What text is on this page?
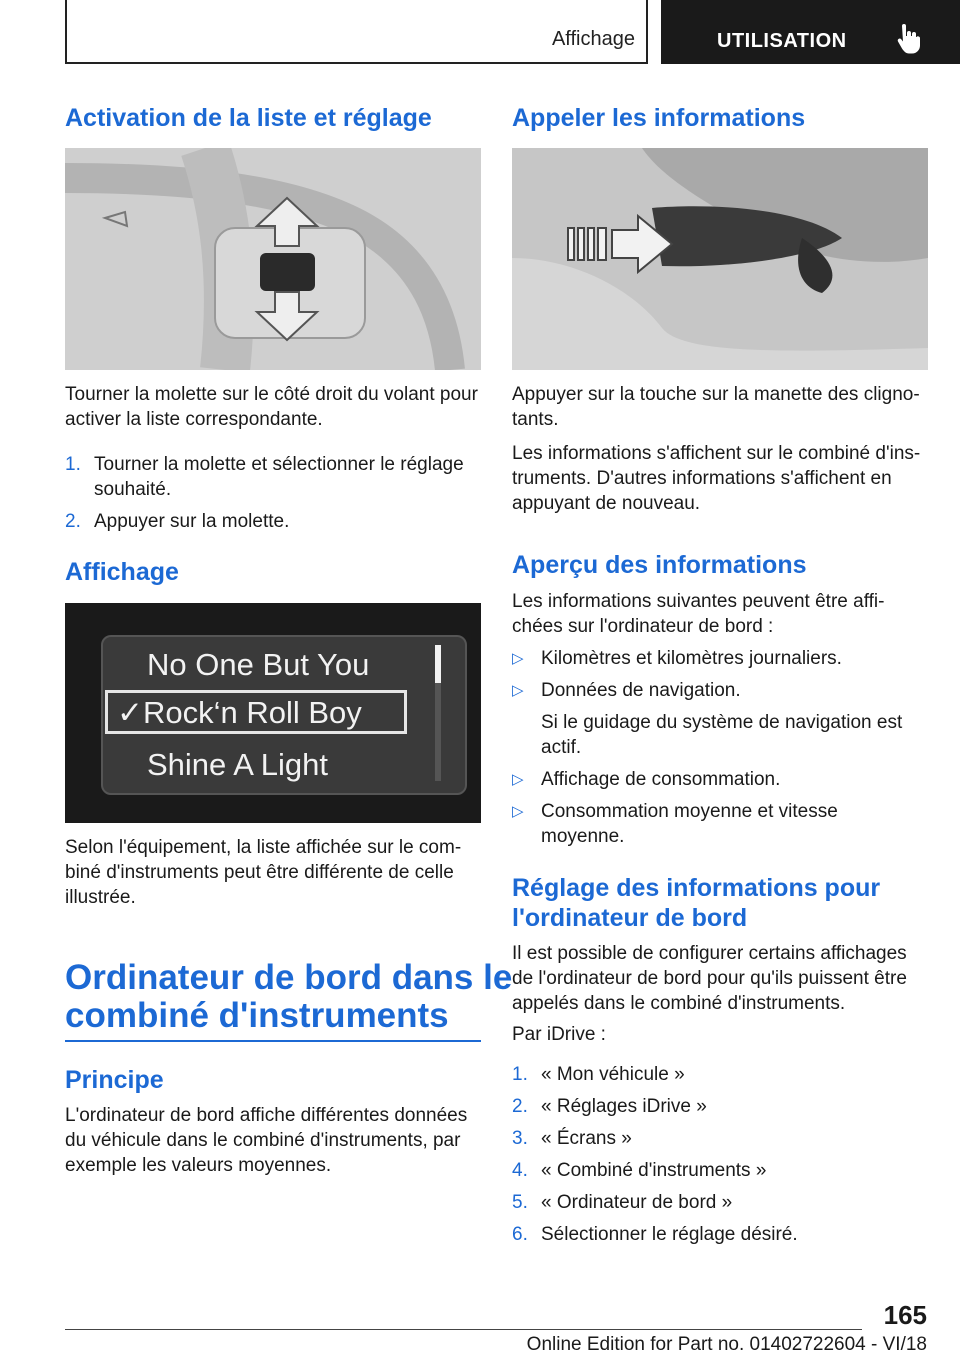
Affichage	UTILISATION
Activation de la liste et réglage
Tourner la molette sur le côté droit du volant pour activer la liste correspondante.
1. Tourner la molette et sélectionner le réglage
souhaité.
2. Appuyer sur la molette.
Affichage
No One But You
✓Rock‘n Roll Boy
Shine A Light
Selon l'équipement, la liste affichée sur le combiné d'instruments peut être différente de celle illustrée.
Ordinateur de bord dans le
combiné d'instruments
Principe
L'ordinateur de bord affiche différentes données du véhicule dans le combiné d'instruments, par exemple les valeurs moyennes.
Appeler les informations
Appuyer sur la touche sur la manette des clignotants.
Les informations s'affichent sur le combiné d'instruments. D'autres informations s'affichent en appuyant de nouveau.
Aperçu des informations
Les informations suivantes peuvent être affichées sur l'ordinateur de bord :
▷ Kilomètres et kilomètres journaliers.
▷ Données de navigation.
Si le guidage du système de navigation est
actif.
▷ Affichage de consommation.
▷ Consommation moyenne et vitesse
moyenne.
Réglage des informations pour
l'ordinateur de bord
Il est possible de configurer certains affichages de l'ordinateur de bord pour qu'ils puissent être appelés dans le combiné d'instruments.
Par iDrive :
1. « Mon véhicule »
2. « Réglages iDrive »
3. « Écrans »
4. « Combiné d'instruments »
5. « Ordinateur de bord »
6. Sélectionner le réglage désiré.
165
Online Edition for Part no. 01402722604 - VI/18
